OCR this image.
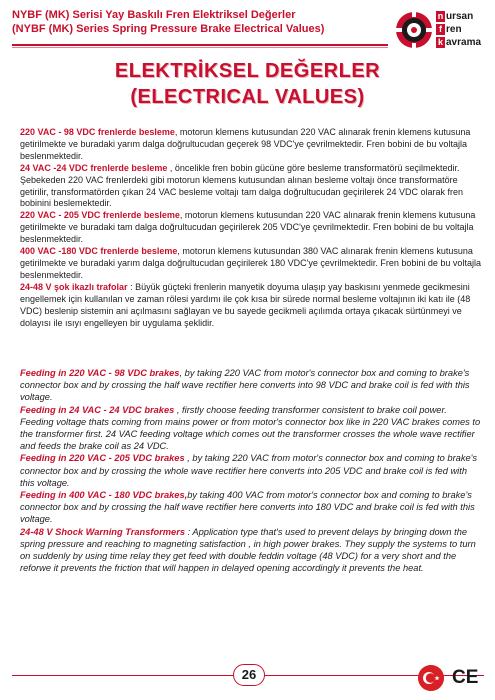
NYBF (MK) Serisi Yay Baskılı Fren Elektriksel Değerler
(NYBF (MK) Series Spring Pressure Brake Electrical Values)
n ursan
f ren
k avrama
ELEKTRİKSEL DEĞERLER
(ELECTRICAL VALUES)

220 VAC - 98 VDC frenlerde besleme, motorun klemens kutusundan 220 VAC alınarak frenin klemens kutusuna getirilmekte ve buradaki yarım dalga doğrultucudan geçerek 98 VDC'ye çevrilmektedir. Fren bobini de bu voltajla beslenmektedir.

24 VAC -24 VDC frenlerde besleme , öncelikle fren bobin gücüne göre besleme transformatörü seçilmektedir. Şebekeden 220 VAC frenlerdeki gibi motorun klemens kutusundan alınan besleme voltajı önce transformatöre getirilir, transformatörden çıkan 24 VAC besleme voltajı tam dalga doğrultucudan geçirilerek 24 VDC olarak fren bobinini beslemektedir.

220 VAC - 205 VDC frenlerde besleme, motorun klemens kutusundan 220 VAC alınarak frenin klemens kutusuna getirilmekte ve buradaki tam dalga doğrultucudan geçirilerek 205 VDC'ye çevrilmektedir. Fren bobini de bu voltajla beslenmektedir.

400 VAC -180 VDC frenlerde besleme, motorun klemens kutusundan 380 VAC alınarak frenin klemens kutusuna getirilmekte ve buradaki yarım dalga doğrultucudan geçirilerek 180 VDC'ye çevrilmektedir. Fren bobini de bu voltajla beslenmektedir.

24-48 V şok ikazlı trafolar : Büyük güçteki frenlerin manyetik doyuma ulaşıp yay baskısını yenmede gecikmesini engellemek için kullanılan ve zaman rölesi yardımı ile çok kısa bir sürede normal besleme voltajının iki katı ile (48 VDC) beslenip sistemin ani açılmasını sağlayan ve bu sayede gecikmeli açılımda ortaya çıkacak sürtünmeyi ve dolayısı ile ısıyı engelleyen bir uygulama şeklidir.

Feeding in 220 VAC - 98 VDC brakes, by taking 220 VAC from motor's connector box and coming to brake's connector box and by crossing the half wave rectifier here converts into 98 VDC and brake coil is fed with this voltage.

Feeding in 24 VAC - 24 VDC brakes , firstly choose feeding transformer consistent to brake coil power. Feeding voltage thats coming from mains power or from motor's connector box like in 220 VAC brakes comes to the transformer first. 24 VAC feeding voltage which comes out the transformer crosses the whole wave rectifier and feeds the brake coil as 24 VDC.

Feeding in 220 VAC - 205 VDC brakes , by taking 220 VAC from motor's connector box and coming to brake's connector box and by crossing the whole wave rectifier here converts into 205 VDC and brake coil is fed with this voltage.

Feeding in 400 VAC - 180 VDC brakes,by taking 400 VAC from motor's connector box and coming to brake's connector box and by crossing the half wave rectifier here converts into 180 VDC and brake coil is fed with this voltage.

24-48 V Shock Warning Transformers : Application type that's used to prevent delays by bringing down the spring pressure and reaching to magneting satisfaction , in high power brakes. They supply the systems to turn on suddenly by using time relay they get feed with double feddin voltage (48 VDC) for a very short and the reforwe it prevents the friction that will happen in delayed opening accordingly it prevents the heat.

26	CE
